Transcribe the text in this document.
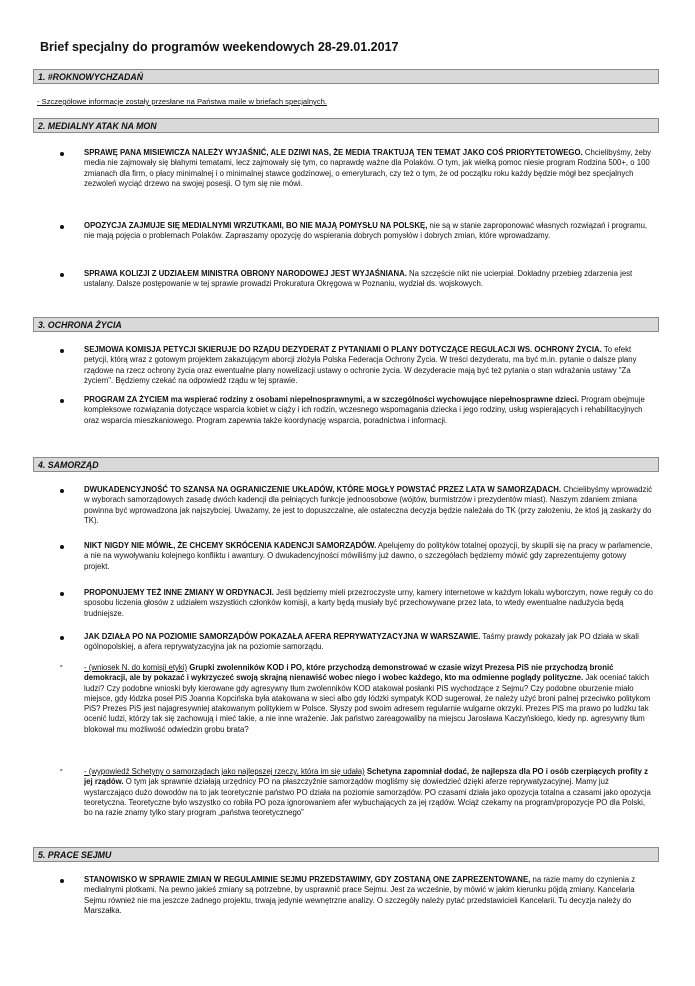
Brief specjalny do programów weekendowych 28-29.01.2017
1. #ROKNOWYCHZADAŃ
- Szczegółowe informacje zostały przesłane na Państwa maile w briefach specjalnych.
2. MEDIALNY ATAK NA MON
SPRAWĘ PANA MISIEWICZA NALEŻY WYJAŚNIĆ, ALE DZIWI NAS, ŻE MEDIA TRAKTUJĄ TEN TEMAT JAKO COŚ PRIORYTETOWEGO. Chcielibyśmy, żeby media nie zajmowały się błahymi tematami, lecz zajmowały się tym, co naprawdę ważne dla Polaków. O tym, jak wielką pomoc niesie program Rodzina 500+, o 100 zmianach dla firm, o płacy minimalnej i o minimalnej stawce godzinowej, o emeryturach, czy też o tym, że od początku roku każdy będzie mógł bez specjalnych zezwoleń wyciąć drzewo na swojej posesji. O tym się nie mówi.
OPOZYCJA ZAJMUJE SIĘ MEDIALNYMI WRZUTKAMI, BO NIE MAJĄ POMYSŁU NA POLSKĘ, nie są w stanie zaproponować własnych rozwiązań i programu, nie mają pojęcia o problemach Polaków. Zapraszamy opozycję do wspierania dobrych pomysłów i dobrych zmian, które wprowadzamy.
SPRAWA KOLIZJI Z UDZIAŁEM MINISTRA OBRONY NARODOWEJ JEST WYJAŚNIANA. Na szczęście nikt nie ucierpiał. Dokładny przebieg zdarzenia jest ustalany. Dalsze postępowanie w tej sprawie prowadzi Prokuratura Okręgowa w Poznaniu, wydział ds. wojskowych.
3. OCHRONA ŻYCIA
SEJMOWA KOMISJA PETYCJI SKIERUJE DO RZĄDU DEZYDERAT Z PYTANIAMI O PLANY DOTYCZĄCE REGULACJI WS. OCHRONY ŻYCIA. To efekt petycji, którą wraz z gotowym projektem zakazującym aborcji złożyła Polska Federacja Ochrony Życia. W treści dezyderatu, ma być m.in. pytanie o dalsze plany rządowe na rzecz ochrony życia oraz ewentualne plany nowelizacji ustawy o ochronie życia. W dezyderacie mają być też pytania o stan wdrażania ustawy "Za życiem". Będziemy czekać na odpowiedź rządu w tej sprawie.
PROGRAM ZA ŻYCIEM ma wspierać rodziny z osobami niepełnosprawnymi, a w szczególności wychowujące niepełnosprawne dzieci. Program obejmuje kompleksowe rozwiązania dotyczące wsparcia kobiet w ciąży i ich rodzin, wczesnego wspomagania dziecka i jego rodziny, usług wspierających i rehabilitacyjnych oraz wsparcia mieszkaniowego. Program zapewnia także koordynację wsparcia, poradnictwa i informacji.
4. SAMORZĄD
DWUKADENCYJNOŚĆ TO SZANSA NA OGRANICZENIE UKŁADÓW, KTÓRE MOGŁY POWSTAĆ PRZEZ LATA W SAMORZĄDACH. Chcielibyśmy wprowadzić w wyborach samorządowych zasadę dwóch kadencji dla pełniących funkcje jednoosobowe (wójtów, burmistrzów i prezydentów miast). Naszym zdaniem zmiana powinna być wprowadzona jak najszybciej. Uważamy, że jest to dopuszczalne, ale ostateczna decyzja będzie należała do TK (przy założeniu, że ktoś ją zaskarży do TK).
NIKT NIGDY NIE MÓWIŁ, ŻE CHCEMY SKRÓCENIA KADENCJI SAMORZĄDÓW. Apelujemy do polityków totalnej opozycji, by skupili się na pracy w parlamencie, a nie na wywoływaniu kolejnego konfliktu i awantury. O dwukadencyjności mówiliśmy już dawno, o szczegółach będziemy mówić gdy zaprezentujemy gotowy projekt.
PROPONUJEMY TEŻ INNE ZMIANY W ORDYNACJI. Jeśli będziemy mieli przezroczyste urny, kamery internetowe w każdym lokalu wyborczym, nowe reguły co do sposobu liczenia głosów z udziałem wszystkich członków komisji, a karty będą musiały być przechowywane przez lata, to wtedy ewentualne nadużycia będą trudniejsze.
JAK DZIAŁA PO NA POZIOMIE SAMORZĄDÓW POKAZAŁA AFERA REPRYWATYZACYJNA W WARSZAWIE. Taśmy prawdy pokazały jak PO działa w skali ogólnopolskiej, a afera reprywatyzacyjna jak na poziomie samorządu.
-	- (wniosek N. do komisji etyki) Grupki zwolenników KOD i PO, które przychodzą demonstrować w czasie wizyt Prezesa PiS nie przychodzą bronić demokracji, ale by pokazać i wykrzyczeć swoją skrajną nienawiść wobec niego i wobec każdego, kto ma odmienne poglądy polityczne. Jak oceniać takich ludzi? Czy podobne wnioski były kierowane gdy agresywny tłum zwolenników KOD atakował posłanki PiS wychodzące z Sejmu? Czy podobne oburzenie miało miejsce, gdy łódzka poseł PiS Joanna Kopcińska była atakowana w sieci albo gdy łódzki sympatyk KOD sugerował, że należy użyć broni palnej przeciwko politykom PiS? Prezes PiS jest najagresywniej atakowanym politykiem w Polsce. Słyszy pod swoim adresem regularnie wulgarne okrzyki. Prezes PiS ma prawo po ludzku tak ocenić ludzi, którzy tak się zachowują i mieć takie, a nie inne wrażenie. Jak państwo zareagowaliby na miejscu Jarosława Kaczyńskiego, kiedy np. agresywny tłum blokował mu możliwość odwiedzin grobu brata?
-	- (wypowiedź Schetyny o samorządach jako najlepszej rzeczy, która im się udała) Schetyna zapomniał dodać, że najlepsza dla PO i osób czerpiących profity z jej rządów. O tym jak sprawnie działają urzędnicy PO na płaszczyźnie samorządów mogliśmy się dowiedzieć dzięki aferze reprywatyzacyjnej. Mamy już wystarczająco dużo dowodów na to jak teoretycznie państwo PO działa na poziomie samorządów. PO czasami działa jako opozycja totalna a czasami jako opozycja teoretyczna. Teoretyczne było wszystko co robiła PO poza ignorowaniem afer wybuchających za jej rządów. Wciąż czekamy na program/propozycje PO dla Polski, bo na razie znamy tylko stary program „państwa teoretycznego”
5. PRACE SEJMU
STANOWISKO W SPRAWIE ZMIAN W REGULAMINIE SEJMU PRZEDSTAWIMY, GDY ZOSTANĄ ONE ZAPREZENTOWANE, na razie mamy do czynienia z medialnymi plotkami. Na pewno jakieś zmiany są potrzebne, by usprawnić prace Sejmu. Jest za wcześnie, by mówić w jakim kierunku pójdą zmiany. Kancelaria Sejmu również nie ma jeszcze żadnego projektu, trwają jedynie wewnętrzne analizy. O szczegóły należy pytać przedstawicieli Kancelarii. Tu decyzja należy do Marszałka.
